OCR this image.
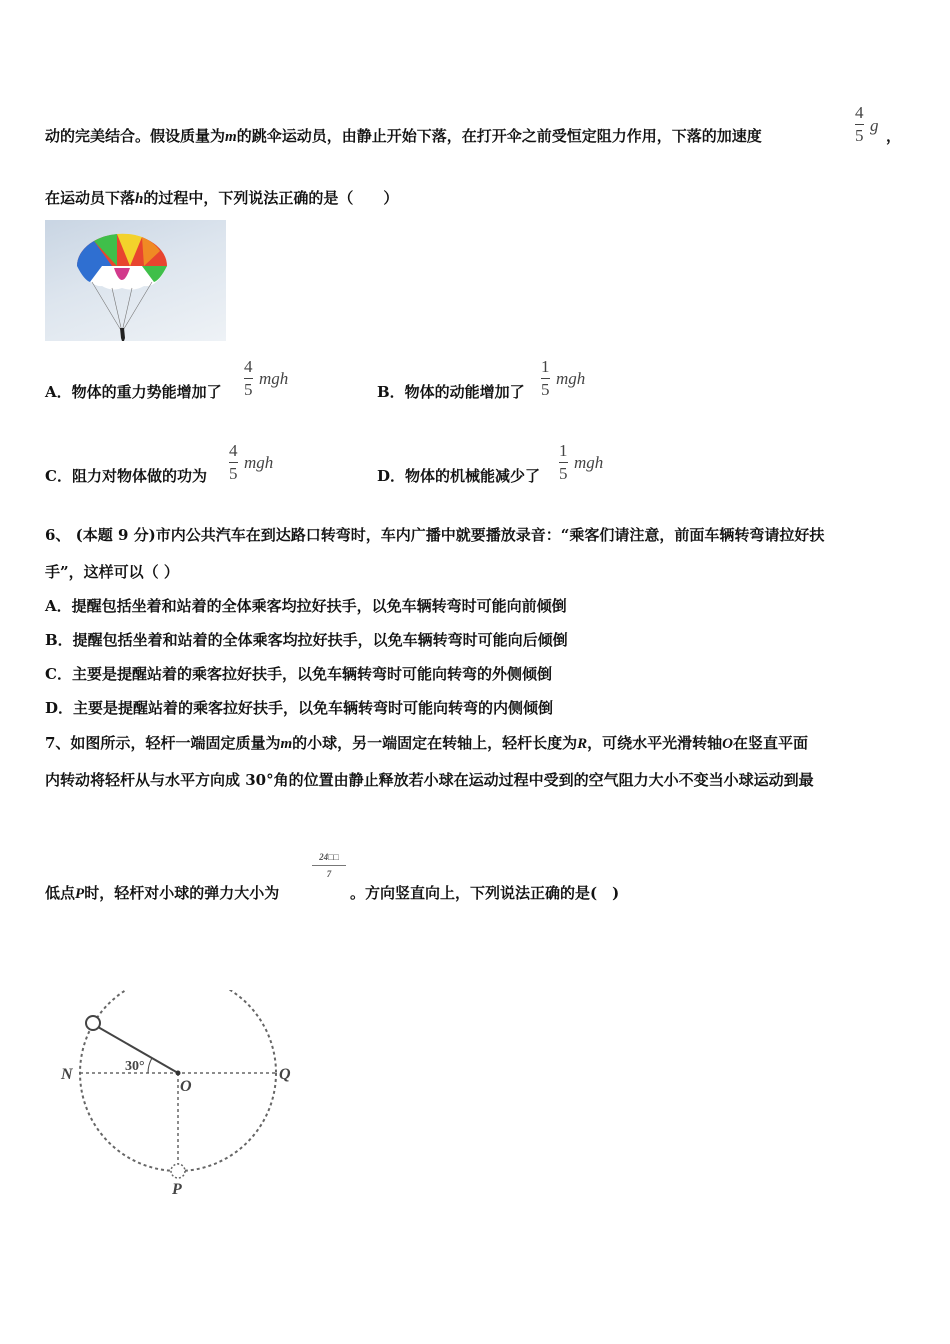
动的完美结合。假设质量为m的跳伞运动员，由静止开始下落，在打开伞之前受恒定阻力作用，下落的加速度
4
5
g
，
在运动员下落h的过程中，下列说法正确的是（　　）
A．物体的重力势能增加了
4
5
mgh
B．物体的动能增加了
1
5
mgh
C．阻力对物体做的功为
4
5
mgh
D．物体的机械能减少了
1
5
mgh
6、 (本题 9 分)市内公共汽车在到达路口转弯时，车内广播中就要播放录音：“乘客们请注意，前面车辆转弯请拉好扶
手”，这样可以（ ）
A．提醒包括坐着和站着的全体乘客均拉好扶手，以免车辆转弯时可能向前倾倒
B．提醒包括坐着和站着的全体乘客均拉好扶手，以免车辆转弯时可能向后倾倒
C．主要是提醒站着的乘客拉好扶手，以免车辆转弯时可能向转弯的外侧倾倒
D．主要是提醒站着的乘客拉好扶手，以免车辆转弯时可能向转弯的内侧倾倒
7、如图所示，轻杆一端固定质量为m的小球，另一端固定在转轴上，轻杆长度为R，可绕水平光滑转轴O在竖直平面
内转动将轻杆从与水平方向成 30°角的位置由静止释放若小球在运动过程中受到的空气阻力大小不变当小球运动到最
24□□
7
低点P时，轻杆对小球的弹力大小为	。方向竖直向上，下列说法正确的是(　)
30°
N	Q
O
P
